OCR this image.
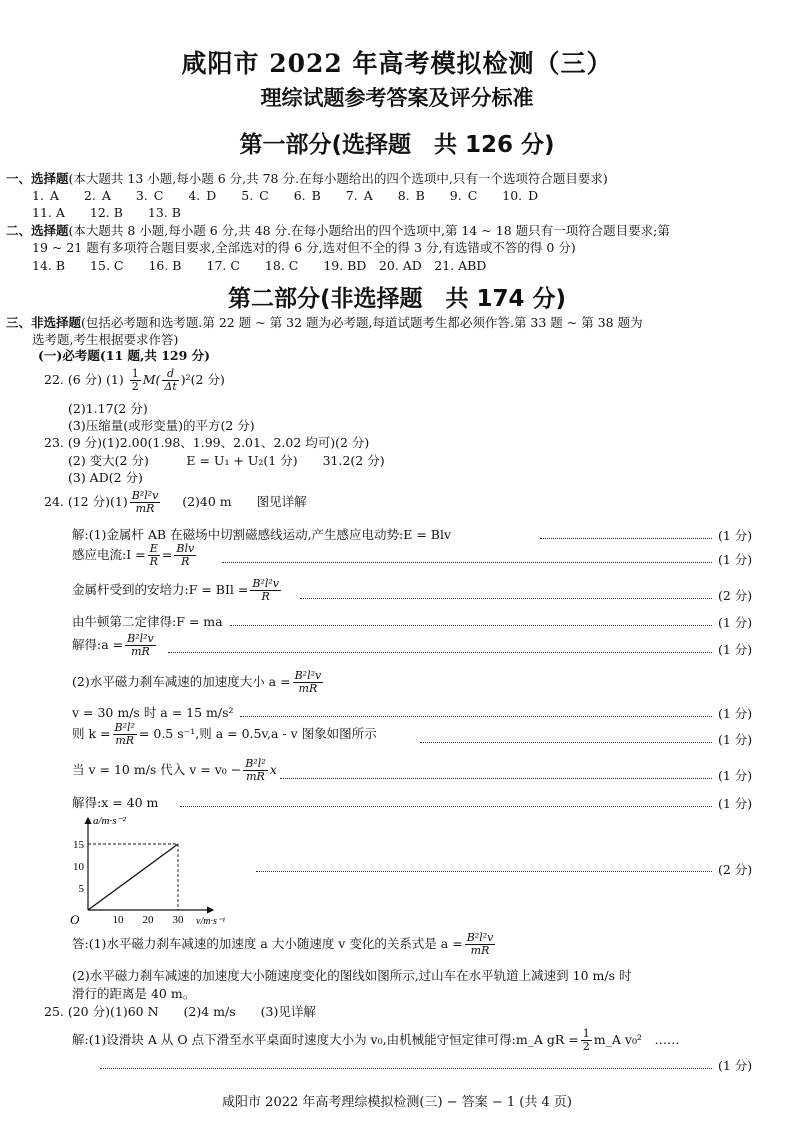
咸阳市 2022 年高考模拟检测（三）
理综试题参考答案及评分标准
第一部分(选择题　共 126 分)
一、选择题(本大题共 13 小题,每小题 6 分,共 78 分.在每小题给出的四个选项中,只有一个选项符合题目要求)
1. A　　2. A　　3. C　　4. D　　5. C　　6. B　　7. A　　8. B　　9. C　　10. D
11. A　　12. B　　13. B
二、选择题(本大题共 8 小题,每小题 6 分,共 48 分.在每小题给出的四个选项中,第 14 ~ 18 题只有一项符合题目要求;第
19 ~ 21 题有多项符合题目要求,全部选对的得 6 分,选对但不全的得 3 分,有选错或不答的得 0 分)
14. B　　15. C　　16. B　　17. C　　18. C　　19. BD　20. AD　21. ABD
第二部分(非选择题　共 174 分)
三、非选择题(包括必考题和选考题.第 22 题 ~ 第 32 题为必考题,每道试题考生都必须作答.第 33 题 ~ 第 38 题为
选考题,考生根据要求作答)
(一)必考题(11 题,共 129 分)
22. (6 分) $(1) \frac{1}{2} M( \frac{d}{\Delta t} )^2(2$ 分)
(2)1.17(2 分)
(3)压缩量(或形变量)的平方(2 分)
23. (9 分)(1)2.00(1.98、1.99、2.01、2.02 均可)(2 分)
(2) 变大(2 分)　　　E = U₁ + U₂(1 分)　　31.2(2 分)
(3) AD(2 分)
24. (12 分)$(1) \frac{\text{B²l²v}}{mR} (2)40$ m　　图见详解
解:(1)金属杆 AB 在磁场中切割磁感线运动,产生感应电动势:E = Blv	(1 分)
感应电流:I = $\frac{E}{R} = \frac{\text{Blv}}{R}$	(1 分)
金属杆受到的安培力:F = BIl = $\frac{\text{B²l²v}}{R}$	(2 分)
由牛顿第二定律得:F = ma	(1 分)
解得:a = $\frac{\text{B²l²v}}{mR}$	(1 分)
(2)水平磁力刹车减速的加速度大小 $a = \frac{\text{B²l²v}}{mR}$
v = 30 m/s 时 a = 15 m/s²	(1 分)
则 $k = \frac{\text{B²l²}}{mR} = 0.5$ s⁻¹,则 a = 0.5v,a - v 图象如图所示	(1 分)
当 v = 10 m/s 代入 $v = v_0 - \frac{\text{B²l²}}{mR}$ x	(1 分)
解得:x = 40 m	(1 分)
10 20 30
5
10
15
O
a/m·s⁻²
v/m·s⁻¹
(2 分)
答:(1)水平磁力刹车减速的加速度 a 大小随速度 v 变化的关系式是 $a = \frac{\text{B²l²v}}{mR}$
(2)水平磁力刹车减速的加速度大小随速度变化的图线如图所示,过山车在水平轨道上减速到 10 m/s 时
滑行的距离是 40 m。
25. (20 分)(1)60 N　　(2)4 m/s　　(3)见详解
解:(1)设滑块 A 从 O 点下滑至水平桌面时速度大小为 v₀,由机械能守恒定律可得:m_A gR = $\frac{1}{2}$ m_A v₀²　……
(1 分)
咸阳市 2022 年高考理综模拟检测(三) − 答案 − 1 (共 4 页)
